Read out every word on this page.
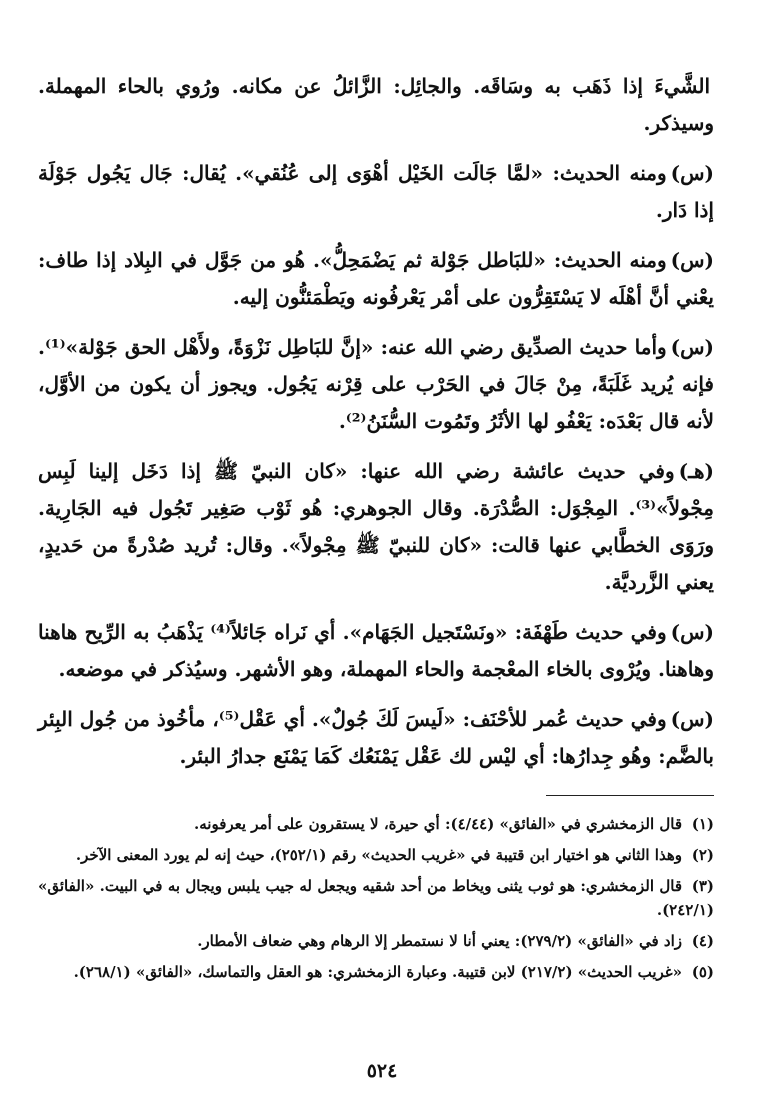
الشَّيءَ إذا ذَهَب به وسَاقَه. والجائِل: الزَّائلُ عن مكانه. ورُوي بالحاء المهملة. وسيذكر.

(س)ومنه الحديث: «لمَّا جَالَت الخَيْل أهْوَى إلى عُنُقي». يُقال: جَال يَجُول جَوْلَة إذا دَار.

(س)ومنه الحديث: «للبَاطل جَوْلة ثم يَضْمَحِلُّ». هُو من جَوَّل في البِلاد إذا طاف: يعْني أنَّ أهْلَه لا يَسْتَقِرُّون على أمْر يَعْرفُونه ويَطْمَئنُّون إليه.

(س)وأما حديث الصدِّيق رضي الله عنه: «إنَّ للبَاطِل نَزْوَةً، ولأَهْل الحق جَوْلة»⁽¹⁾. فإنه يُريد غَلَبَةً، مِنْ جَالَ في الحَرْب على قِرْنه يَجُول. ويجوز أن يكون من الأوَّل، لأنه قال بَعْدَه: يَعْفُو لها الأثَرُ وتَمُوت السُّنَنُ⁽²⁾.

(هـ)وفي حديث عائشة رضي الله عنها: «كان النبيّ ﷺ إذا دَخَل إلينا لَبِس مِجْولاً»⁽³⁾. المِجْوَل: الصُّدْرَة. وقال الجوهري: هُو ثَوْب صَغِير تَجُول فيه الجَارِية. ورَوَى الخطَّابي عنها قالت: «كان للنبيّ ﷺ مِجْولاً». وقال: تُريد صُدْرةً من حَديدٍ، يعني الزَّرديَّة.

(س)وفي حديث طَهْفَة: «ونَسْتَجيل الجَهَام». أي نَراه جَائلاً⁽⁴⁾ يَذْهَبُ به الرِّيح هاهنا وهاهنا. ويُرْوى بالخاء المعْجمة والحاء المهملة، وهو الأشهر. وسيُذكر في موضعه.

(س)وفي حديث عُمر للأحْنَف: «لَيسَ لَكَ جُولٌ». أي عَقْل⁽⁵⁾، مأخُوذ من جُول البِئر بالضَّم: وهُو جِدارُها: أي ليْس لك عَقْل يَمْنَعُك كَمَا يَمْنَع جدارُ البئر.

(١)قال الزمخشري في «الفائق» (٤/٤٤): أي حيرة، لا يستقرون على أمر يعرفونه.

(٢)وهذا الثاني هو اختيار ابن قتيبة في «غريب الحديث» رقم (٢٥٢/١)، حيث إنه لم يورد المعنى الآخر.

(٣)قال الزمخشري: هو ثوب يثنى ويخاط من أحد شقيه ويجعل له جيب يلبس ويجال به في البيت. «الفائق» (٢٤٢/١).

(٤)زاد في «الفائق» (٢٧٩/٢): يعني أنا لا نستمطر إلا الرهام وهي ضعاف الأمطار.

(٥)«غريب الحديث» (٢١٧/٢) لابن قتيبة. وعبارة الزمخشري: هو العقل والتماسك، «الفائق» (٢٦٨/١).

٥٢٤
